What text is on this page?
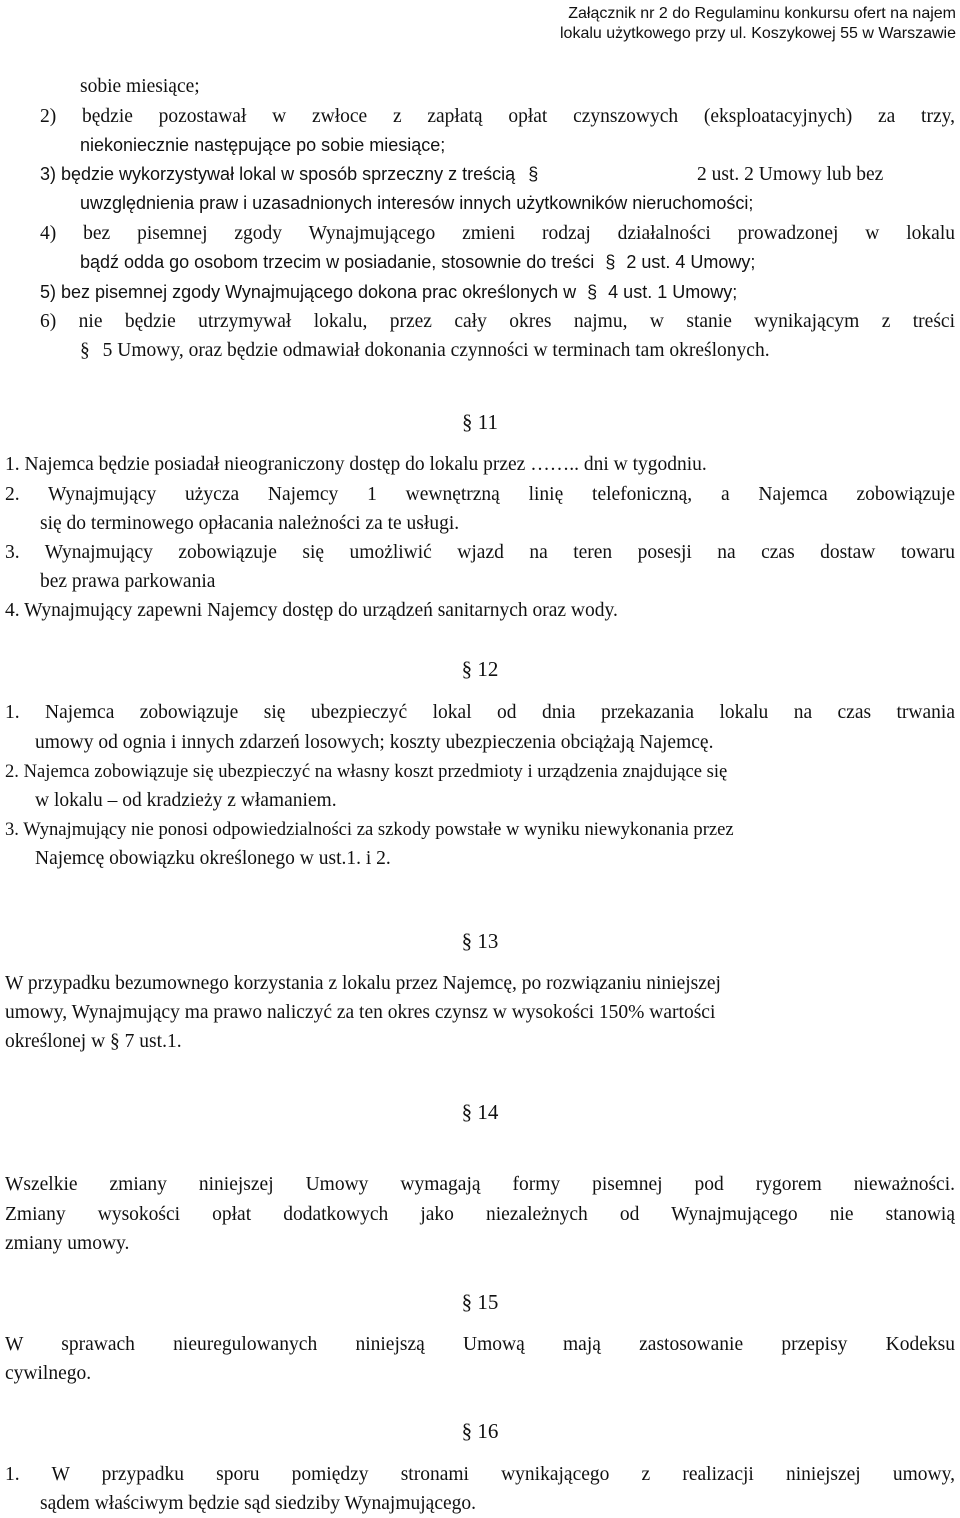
Załącznik nr 2 do Regulaminu konkursu ofert na najem
lokalu użytkowego przy ul. Koszykowej 55 w Warszawie
sobie miesiące;
2) będzie pozostawał w zwłoce z zapłatą opłat czynszowych (eksploatacyjnych) za trzy,
niekoniecznie następujące po sobie miesiące;
3) będzie wykorzystywał lokal w sposób sprzeczny z treścią §	2 ust. 2 Umowy lub bez
uwzględnienia praw i uzasadnionych interesów innych użytkowników nieruchomości;
4) bez pisemnej zgody Wynajmującego zmieni rodzaj działalności prowadzonej w lokalu
bądź odda go osobom trzecim w posiadanie, stosownie do treści § 2 ust. 4 Umowy;
5) bez pisemnej zgody Wynajmującego dokona prac określonych w § 4 ust. 1 Umowy;
6) nie będzie utrzymywał lokalu, przez cały okres najmu, w stanie wynikającym z treści
§ 5 Umowy, oraz będzie odmawiał dokonania czynności w terminach tam określonych.
§ 11
1. Najemca będzie posiadał nieograniczony dostęp do lokalu przez …….. dni w tygodniu.
2. Wynajmujący użycza Najemcy 1 wewnętrzną linię telefoniczną, a Najemca zobowiązuje
się do terminowego opłacania należności za te usługi.
3. Wynajmujący zobowiązuje się umożliwić wjazd na teren posesji na czas dostaw towaru
bez prawa parkowania
4. Wynajmujący zapewni Najemcy dostęp do urządzeń sanitarnych oraz wody.
§ 12
1. Najemca zobowiązuje się ubezpieczyć lokal od dnia przekazania lokalu na czas trwania
umowy od ognia i innych zdarzeń losowych; koszty ubezpieczenia obciążają Najemcę.
2. Najemca zobowiązuje się ubezpieczyć na własny koszt przedmioty i urządzenia znajdujące się
w lokalu – od kradzieży z włamaniem.
3. Wynajmujący nie ponosi odpowiedzialności za szkody powstałe w wyniku niewykonania przez
Najemcę obowiązku określonego w ust.1. i 2.
§ 13
W przypadku bezumownego korzystania z lokalu przez Najemcę, po rozwiązaniu niniejszej
umowy, Wynajmujący ma prawo naliczyć za ten okres czynsz w wysokości 150% wartości
określonej w § 7 ust.1.
§ 14
Wszelkie zmiany niniejszej Umowy wymagają formy pisemnej pod rygorem nieważności.
Zmiany wysokości opłat dodatkowych jako niezależnych od Wynajmującego nie stanowią
zmiany umowy.
§ 15
W sprawach nieuregulowanych niniejszą Umową mają zastosowanie przepisy Kodeksu
cywilnego.
§ 16
1. W przypadku sporu pomiędzy stronami wynikającego z realizacji niniejszej umowy,
sądem właściwym będzie sąd siedziby Wynajmującego.
